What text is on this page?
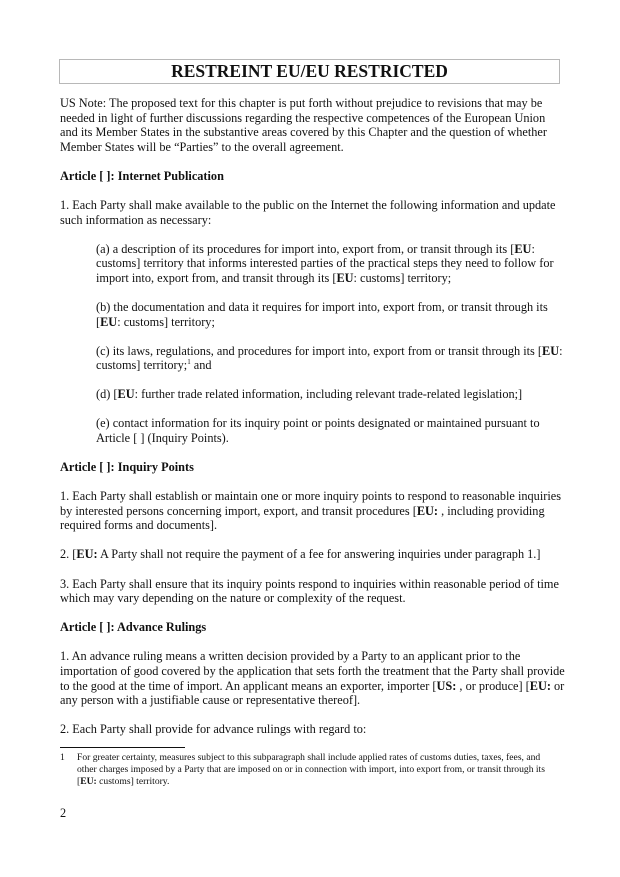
RESTREINT EU/EU RESTRICTED

US Note: The proposed text for this chapter is put forth without prejudice to revisions that may be needed in light of further discussions regarding the respective competences of the European Union and its Member States in the substantive areas covered by this Chapter and the question of whether Member States will be “Parties” to the overall agreement.

Article [ ]: Internet Publication

1. Each Party shall make available to the public on the Internet the following information and update such information as necessary:

(a) a description of its procedures for import into, export from, or transit through its [EU: customs] territory that informs interested parties of the practical steps they need to follow for import into, export from, and transit through its [EU: customs] territory;

(b) the documentation and data it requires for import into, export from, or transit through its [EU: customs] territory;

(c) its laws, regulations, and procedures for import into, export from or transit through its [EU: customs] territory;$^1$ and

(d) [EU: further trade related information, including relevant trade-related legislation;]

(e) contact information for its inquiry point or points designated or maintained pursuant to Article [ ] (Inquiry Points).

Article [ ]: Inquiry Points

1. Each Party shall establish or maintain one or more inquiry points to respond to reasonable inquiries by interested persons concerning import, export, and transit procedures [EU: , including providing required forms and documents].

2. [EU: A Party shall not require the payment of a fee for answering inquiries under paragraph 1.]

3. Each Party shall ensure that its inquiry points respond to inquiries within reasonable period of time which may vary depending on the nature or complexity of the request.

Article [ ]: Advance Rulings

1. An advance ruling means a written decision provided by a Party to an applicant prior to the importation of good covered by the application that sets forth the treatment that the Party shall provide to the good at the time of import. An applicant means an exporter, importer [US: , or produce] [EU: or any person with a justifiable cause or representative thereof].

2. Each Party shall provide for advance rulings with regard to:

1 For greater certainty, measures subject to this subparagraph shall include applied rates of customs duties, taxes, fees, and other charges imposed by a Party that are imposed on or in connection with import, into export from, or transit through its [EU: customs] territory.
2
